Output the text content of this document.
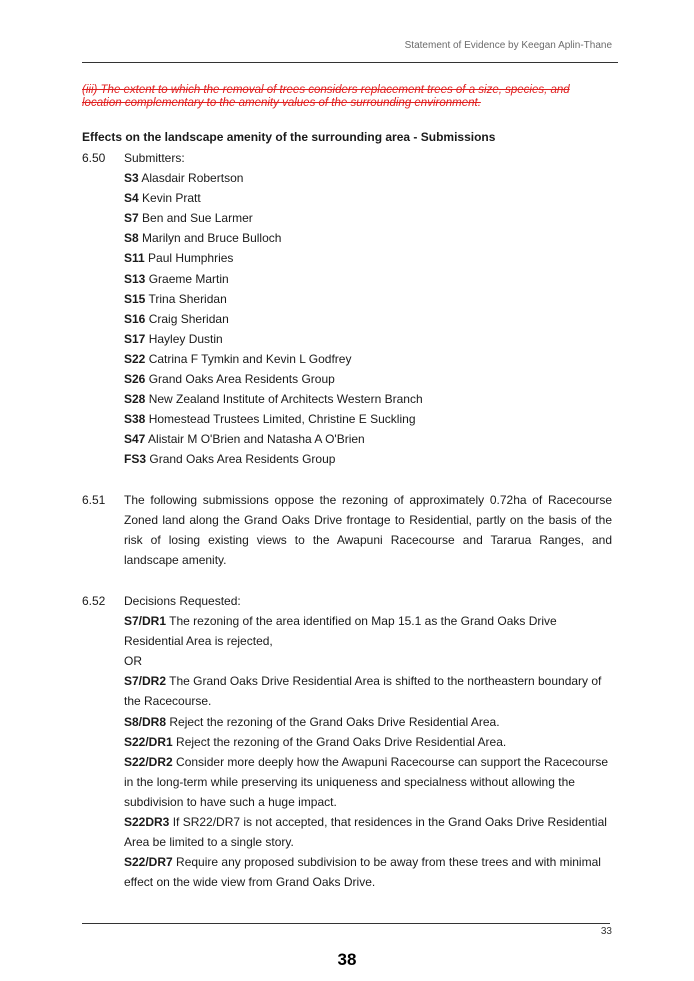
Statement of Evidence by Keegan Aplin-Thane

(iii) The extent to which the removal of trees considers replacement trees of a size, species, and location complementary to the amenity values of the surrounding environment.

Effects on the landscape amenity of the surrounding area - Submissions
6.50 Submitters:
S3 Alasdair Robertson
S4 Kevin Pratt
S7 Ben and Sue Larmer
S8 Marilyn and Bruce Bulloch
S11 Paul Humphries
S13 Graeme Martin
S15 Trina Sheridan
S16 Craig Sheridan
S17 Hayley Dustin
S22 Catrina F Tymkin and Kevin L Godfrey
S26 Grand Oaks Area Residents Group
S28 New Zealand Institute of Architects Western Branch
S38 Homestead Trustees Limited, Christine E Suckling
S47 Alistair M O'Brien and Natasha A O'Brien
FS3 Grand Oaks Area Residents Group
6.51 The following submissions oppose the rezoning of approximately 0.72ha of Racecourse Zoned land along the Grand Oaks Drive frontage to Residential, partly on the basis of the risk of losing existing views to the Awapuni Racecourse and Tararua Ranges, and landscape amenity.
6.52 Decisions Requested:
S7/DR1 The rezoning of the area identified on Map 15.1 as the Grand Oaks Drive Residential Area is rejected,
OR
S7/DR2 The Grand Oaks Drive Residential Area is shifted to the northeastern boundary of the Racecourse.
S8/DR8 Reject the rezoning of the Grand Oaks Drive Residential Area.
S22/DR1 Reject the rezoning of the Grand Oaks Drive Residential Area.
S22/DR2 Consider more deeply how the Awapuni Racecourse can support the Racecourse in the long-term while preserving its uniqueness and specialness without allowing the subdivision to have such a huge impact.
S22DR3 If SR22/DR7 is not accepted, that residences in the Grand Oaks Drive Residential Area be limited to a single story.
S22/DR7 Require any proposed subdivision to be away from these trees and with minimal effect on the wide view from Grand Oaks Drive.
33
38
